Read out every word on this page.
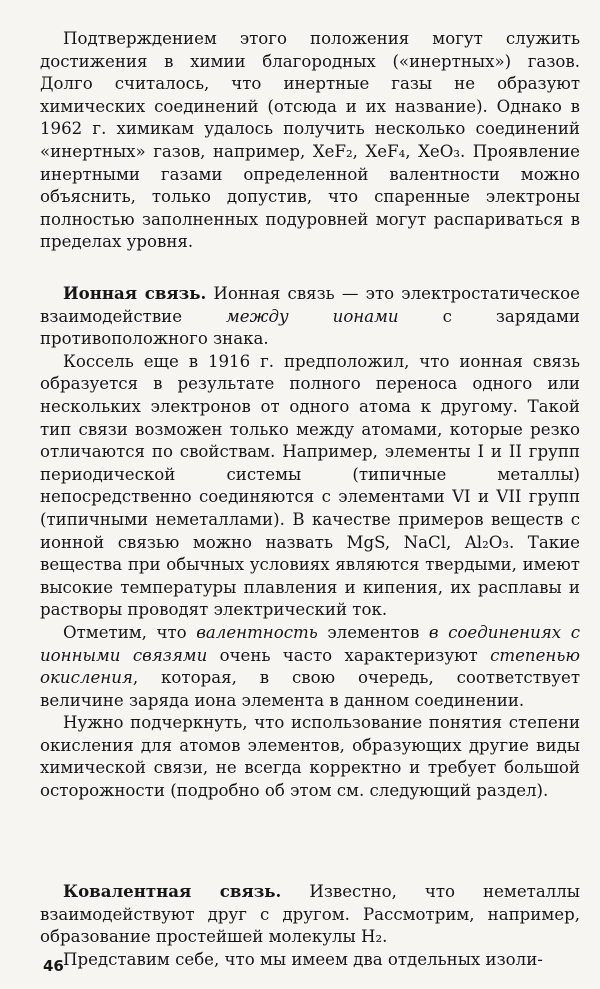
Подтверждением этого положения могут служить достижения в химии благородных («инертных») газов. Долго считалось, что инертные газы не образуют химических соединений (отсюда и их название). Однако в 1962 г. химикам удалось получить несколько соединений «инертных» газов, например, XeF₂, XeF₄, XeO₃. Проявление инертными газами определенной валентности можно объяснить, только допустив, что спаренные электроны полностью заполненных подуровней могут распариваться в пределах уровня.

Ионная связь. Ионная связь — это электростатическое взаимодействие между ионами с зарядами противоположного знака.

Коссель еще в 1916 г. предположил, что ионная связь образуется в результате полного переноса одного или нескольких электронов от одного атома к другому. Такой тип связи возможен только между атомами, которые резко отличаются по свойствам. Например, элементы I и II групп периодической системы (типичные металлы) непосредственно соединяются с элементами VI и VII групп (типичными неметаллами). В качестве примеров веществ с ионной связью можно назвать MgS, NaCl, Al₂O₃. Такие вещества при обычных условиях являются твердыми, имеют высокие температуры плавления и кипения, их расплавы и растворы проводят электрический ток.

Отметим, что валентность элементов в соединениях с ионными связями очень часто характеризуют степенью окисления, которая, в свою очередь, соответствует величине заряда иона элемента в данном соединении.

Нужно подчеркнуть, что использование понятия степени окисления для атомов элементов, образующих другие виды химической связи, не всегда корректно и требует большой осторожности (подробно об этом см. следующий раздел).

Ковалентная связь. Известно, что неметаллы взаимодействуют друг с другом. Рассмотрим, например, образование простейшей молекулы H₂.

Представим себе, что мы имеем два отдельных изоли-

46
